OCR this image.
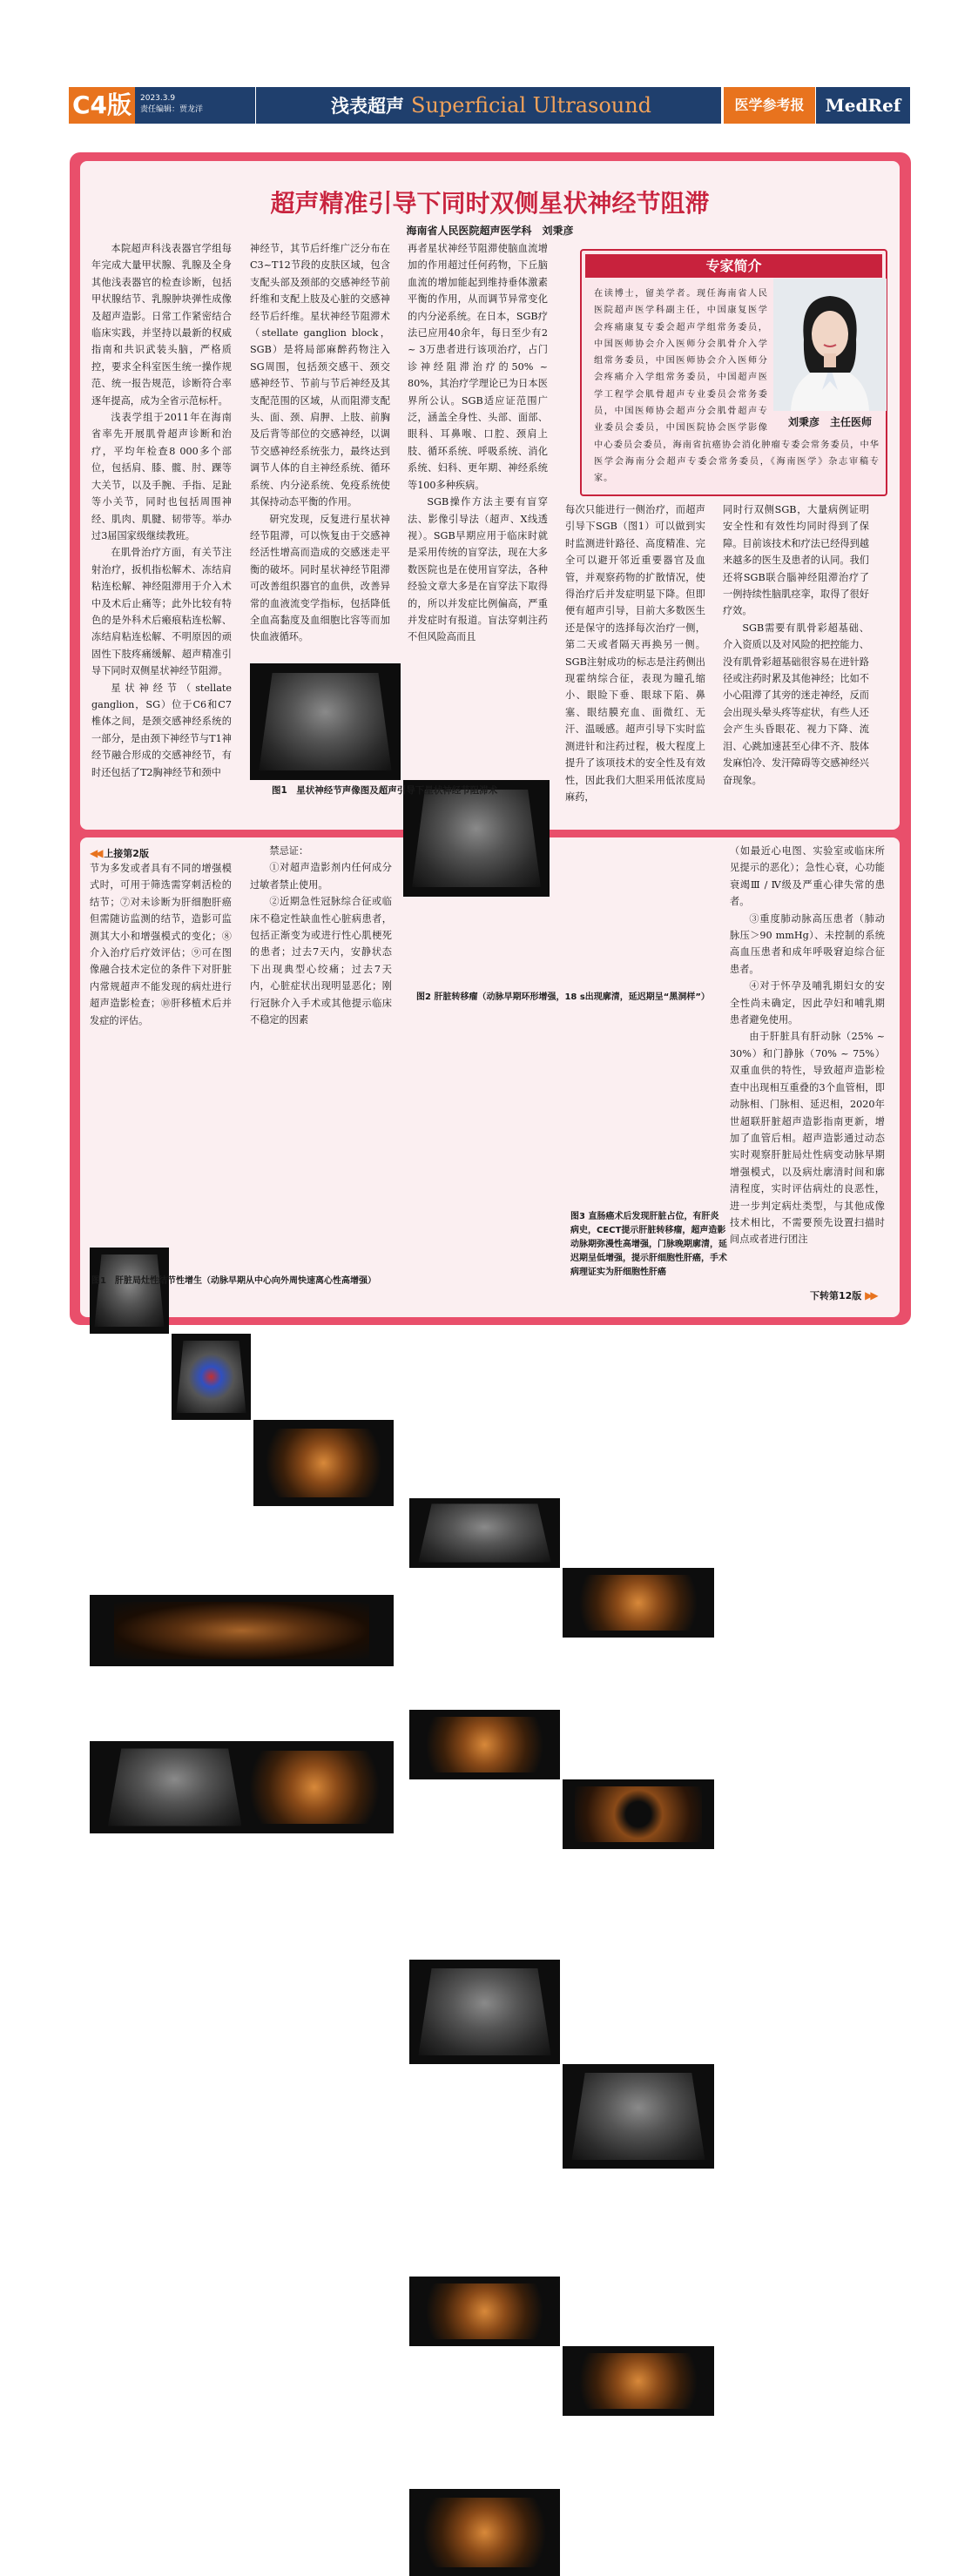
C4版	2023.3.9
责任编辑：贾龙洋	浅表超声 Superficial Ultrasound	医学参考报	MedRef
超声精准引导下同时双侧星状神经节阻滞
海南省人民医院超声医学科　刘秉彦

本院超声科浅表器官学组每年完成大量甲状腺、乳腺及全身其他浅表器官的检查诊断，包括甲状腺结节、乳腺肿块弹性成像及超声造影。日常工作紧密结合临床实践，并坚持以最新的权威指南和共识武装头脑，严格质控，要求全科室医生统一操作规范、统一报告规范，诊断符合率逐年提高，成为全省示范标杆。

浅表学组于2011年在海南省率先开展肌骨超声诊断和治疗，平均年检查8 000多个部位，包括肩、膝、髋、肘、踝等大关节，以及手腕、手指、足趾等小关节，同时也包括周围神经、肌肉、肌腱、韧带等。举办过3届国家级继续教班。

在肌骨治疗方面，有关节注射治疗，扳机指松解术、冻结肩粘连松解、神经阻滞用于介入术中及术后止痛等；此外比较有特色的是外科术后瘢痕粘连松解、冻结肩粘连松解、不明原因的顽固性下肢疼痛缓解、超声精准引导下同时双侧星状神经节阻滞。

星状神经节（stellate ganglion，SG）位于C6和C7椎体之间，是颈交感神经系统的一部分，是由颈下神经节与T1神经节融合形成的交感神经节，有时还包括了T2胸神经节和颈中

神经节，其节后纤维广泛分布在C3~T12节段的皮肤区域，包含支配头部及颈部的交感神经节前纤维和支配上肢及心脏的交感神经节后纤维。星状神经节阻滞术（stellate ganglion block，SGB）是将局部麻醉药物注入SG周围，包括颈交感干、颈交感神经节、节前与节后神经及其支配范围的区域，从而阻滞支配头、面、颈、肩胛、上肢、前胸及后背等部位的交感神经，以调节交感神经系统张力，最终达到调节人体的自主神经系统、循环系统、内分泌系统、免疫系统使其保持动态平衡的作用。

研究发现，反复进行星状神经节阻滞，可以恢复由于交感神经活性增高而造成的交感迷走平衡的破坏。同时星状神经节阻滞可改善组织器官的血供，改善异常的血液流变学指标，包括降低全血高黏度及血细胞比容等而加快血液循环。

再者星状神经节阻滞使脑血流增加的作用超过任何药物，下丘脑血流的增加能起到维持垂体激素平衡的作用，从而调节异常变化的内分泌系统。在日本，SGB疗法已应用40余年，每日至少有2 ~ 3万患者进行该项治疗，占门诊神经阻滞治疗的50% ~ 80%，其治疗学理论已为日本医界所公认。SGB适应证范围广泛，涵盖全身性、头部、面部、眼科、耳鼻喉、口腔、颈肩上肢、循环系统、呼吸系统、消化系统、妇科、更年期、神经系统等100多种疾病。

SGB操作方法主要有盲穿法、影像引导法（超声、X线透视）。SGB早期应用于临床时就是采用传统的盲穿法，现在大多数医院也是在使用盲穿法，各种经验文章大多是在盲穿法下取得的，所以并发症比例偏高，严重并发症时有报道。盲法穿刺注药不但风险高而且

专家简介
刘秉彦　主任医师
在读博士，留美学者。现任海南省人民医院超声医学科副主任，中国康复医学会疼痛康复专委会超声学组常务委员，中国医师协会介入医师分会肌骨介入学组常务委员，中国医师协会介入医师分会疼痛介入学组常务委员，中国超声医学工程学会肌骨超声专业委员会常务委员，中国医师协会超声分会肌骨超声专业委员会委员，中国医院协会医学影像中心委员会委员，海南省抗癌协会消化肿瘤专委会常务委员，中华医学会海南分会超声专委会常务委员，《海南医学》杂志审稿专家。

每次只能进行一侧治疗，而超声引导下SGB（图1）可以做到实时监测进针路径、高度精准、完全可以避开邻近重要器官及血管，并观察药物的扩散情况，使得治疗后并发症明显下降。但即便有超声引导，目前大多数医生还是保守的选择每次治疗一侧，第二天或者隔天再换另一侧。SGB注射成功的标志是注药侧出现霍纳综合征，表现为瞳孔缩小、眼睑下垂、眼球下陷、鼻塞、眼结膜充血、面微红、无汗、温暖感。超声引导下实时监测进针和注药过程，极大程度上提升了该项技术的安全性及有效性，因此我们大胆采用低浓度局麻药，

同时行双侧SGB，大量病例证明安全性和有效性均同时得到了保障。目前该技术和疗法已经得到越来越多的医生及患者的认同。我们还将SGB联合腦神经阻滞治疗了一例持续性脑肌痉挛，取得了很好疗效。

SGB需要有肌骨彩超基础、介入资质以及对风险的把控能力、没有肌骨彩超基础很容易在进针路径或注药时累及其他神经；比如不小心阻滞了其旁的迷走神经，反而会出现头晕头疼等症状，有些人还会产生头昏眼花、视力下降、流泪、心跳加速甚至心律不齐、肢体发麻怕冷、发汗障碍等交感神经兴奋现象。

图1　星状神经节声像图及超声引导下星状神经节阻滞术
◀◀ 上接第2版

节为多发或者具有不同的增强模式时，可用于筛选需穿刺活检的结节；⑦对未诊断为肝细胞肝癌但需随访监测的结节，造影可监测其大小和增强模式的变化；⑧介入治疗后疗效评估；⑨可在图像融合技术定位的条件下对肝脏内常规超声不能发现的病灶进行超声造影检查；⑩肝移植术后并发症的评估。

禁忌证：

①对超声造影剂内任何成分过敏者禁止使用。

②近期急性冠脉综合征或临床不稳定性缺血性心脏病患者，包括正渐变为或进行性心肌梗死的患者；过去7天内，安静状态下出现典型心绞痛；过去7天内，心脏症状出现明显恶化；刚行冠脉介入手术或其他提示临床不稳定的因素

图1　肝脏局灶性结节性增生（动脉早期从中心向外周快速离心性高增强）
图2 肝脏转移瘤（动脉早期环形增强，18 s出现廓清，延迟期呈“黑洞样”）
图3 直肠癌术后发现肝脏占位，有肝炎病史，CECT提示肝脏转移瘤，超声造影动脉期弥漫性高增强，门脉晚期廓清，延迟期呈低增强，提示肝细胞性肝癌，手术病理证实为肝细胞性肝癌

（如最近心电图、实验室或临床所见提示的恶化）；急性心衰，心功能衰竭Ⅲ / Ⅳ级及严重心律失常的患者。

③重度肺动脉高压患者（肺动脉压＞90 mmHg）、未控制的系统高血压患者和成年呼吸窘迫综合征患者。

④对于怀孕及哺乳期妇女的安全性尚未确定，因此孕妇和哺乳期患者避免使用。

由于肝脏具有肝动脉（25% ~ 30%）和门静脉（70% ~ 75%）双重血供的特性，导致超声造影检查中出现相互重叠的3个血管相，即动脉相、门脉相、延迟相，2020年世超联肝脏超声造影指南更新，增加了血管后相。超声造影通过动态实时观察肝脏局灶性病变动脉早期增强模式，以及病灶廓清时间和廓清程度，实时评估病灶的良恶性，进一步判定病灶类型，与其他成像技术相比，不需要预先设置扫描时间点或者进行团注

下转第12版 ▶▶
